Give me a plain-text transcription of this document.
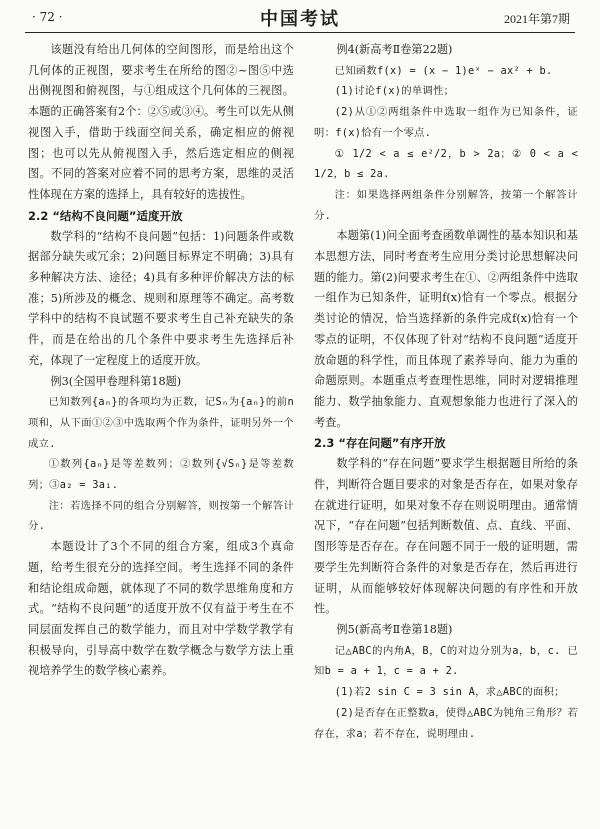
· 72 ·	中国考试	2021年第7期

该题没有给出几何体的空间图形，而是给出这个几何体的正视图，要求考生在所给的图②~图⑤中选出侧视图和俯视图，与①组成这个几何体的三视图。本题的正确答案有2个：②⑤或③④。考生可以先从侧视图入手，借助于线面空间关系，确定相应的俯视图；也可以先从俯视图入手，然后选定相应的侧视图。不同的答案对应着不同的思考方案，思维的灵活性体现在方案的选择上，具有较好的选拔性。

2.2 “结构不良问题”适度开放

数学科的“结构不良问题”包括：1)问题条件或数据部分缺失或冗余；2)问题目标界定不明确；3)具有多种解决方法、途径；4)具有多种评价解决方法的标准；5)所涉及的概念、规则和原理等不确定。高考数学科中的结构不良试题不要求考生自己补充缺失的条件，而是在给出的几个条件中要求考生先选择后补充，体现了一定程度上的适度开放。

例3(全国甲卷理科第18题)

已知数列{aₙ}的各项均为正数，记Sₙ为{aₙ}的前n项和，从下面①②③中选取两个作为条件，证明另外一个成立.

①数列{aₙ}是等差数列；②数列{√Sₙ}是等差数列；③a₂ = 3a₁.

注：若选择不同的组合分别解答，则按第一个解答计分.

本题设计了3个不同的组合方案，组成3个真命题，给考生很充分的选择空间。考生选择不同的条件和结论组成命题，就体现了不同的数学思维角度和方式。“结构不良问题”的适度开放不仅有益于考生在不同层面发挥自己的数学能力，而且对中学数学教学有积极导向，引导高中数学在数学概念与数学方法上重视培养学生的数学核心素养。

例4(新高考Ⅱ卷第22题)

已知函数f(x) = (x − 1)eˣ − ax² + b.

(1)讨论f(x)的单调性；

(2)从①②两组条件中选取一组作为已知条件，证明：f(x)恰有一个零点.

① 1/2 < a ≤ e²/2，b > 2a；② 0 < a < 1/2，b ≤ 2a.

注：如果选择两组条件分别解答，按第一个解答计分.

本题第(1)问全面考查函数单调性的基本知识和基本思想方法，同时考查考生应用分类讨论思想解决问题的能力。第(2)问要求考生在①、②两组条件中选取一组作为已知条件，证明f(x)恰有一个零点。根据分类讨论的情况，恰当选择新的条件完成f(x)恰有一个零点的证明，不仅体现了针对“结构不良问题”适度开放命题的科学性，而且体现了素养导向、能力为重的命题原则。本题重点考查理性思维，同时对逻辑推理能力、数学抽象能力、直观想象能力也进行了深入的考查。

2.3 “存在问题”有序开放

数学科的“存在问题”要求学生根据题目所给的条件，判断符合题目要求的对象是否存在，如果对象存在就进行证明，如果对象不存在则说明理由。通常情况下，“存在问题”包括判断数值、点、直线、平面、图形等是否存在。存在问题不同于一般的证明题，需要学生先判断符合条件的对象是否存在，然后再进行证明，从而能够较好体现解决问题的有序性和开放性。

例5(新高考Ⅱ卷第18题)

记△ABC的内角A，B，C的对边分别为a，b，c. 已知b = a + 1，c = a + 2.

(1)若2 sin C = 3 sin A，求△ABC的面积；

(2)是否存在正整数a，使得△ABC为钝角三角形？若存在，求a；若不存在，说明理由.
